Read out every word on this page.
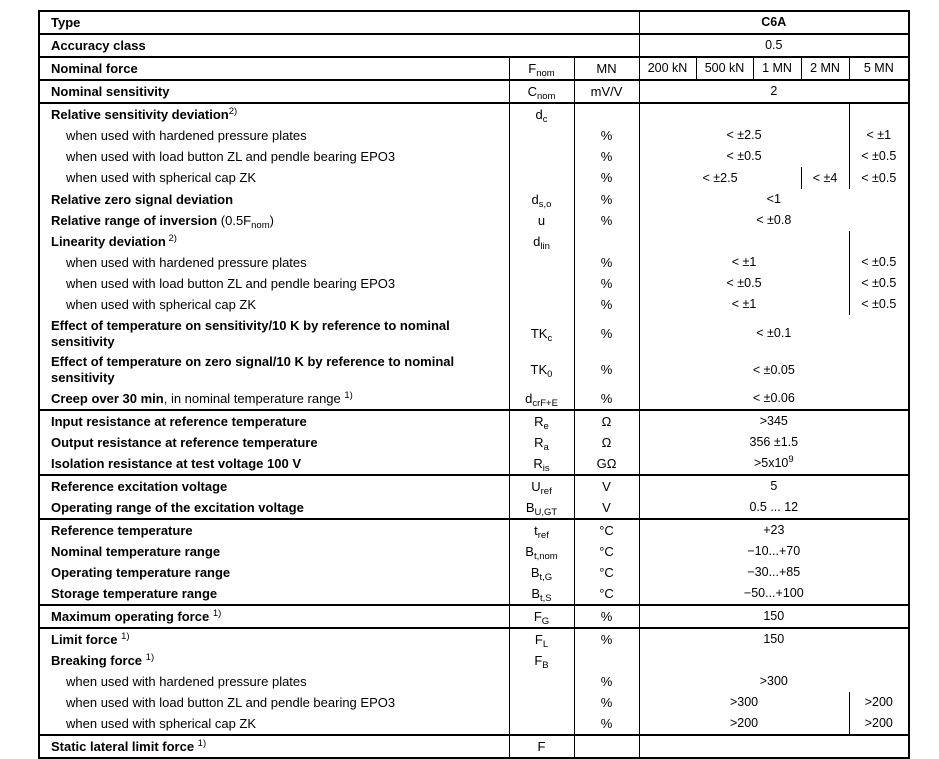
Type			C6A				
Accuracy class			0.5				
Nominal force	$F_{nom}$	MN	200 kN	500 kN	1 MN	2 MN	5 MN
Nominal sensitivity	$C_{nom}$	mV/V	2				
Relative sensitivity deviation$^{2)}$	$d_c$			
when used with hardened pressure plates		%	< ±2.5				< ±1
when used with load button ZL and pendle bearing EPO3		%	< ±0.5				< ±0.5
when used with spherical cap ZK		%	< ±2.5			< ±4	< ±0.5
Relative zero signal deviation	$d_{s,o}$	%	<1				
Relative range of inversion $(0.5F_{nom})$	u	%	< ±0.8				
Linearity deviation $^{2)}$	$d_{lin}$			
when used with hardened pressure plates		%	< ±1				< ±0.5
when used with load button ZL and pendle bearing EPO3		%	< ±0.5				< ±0.5
when used with spherical cap ZK		%	< ±1				< ±0.5
Effect of temperature on sensitivity/10 K by reference to nominal
sensitivity	$TK_c$	%	< ±0.1				
Effect of temperature on zero signal/10 K by reference to nominal
sensitivity	$TK_0$	%	< ±0.05				
Creep over 30 min, in nominal temperature range $^{1)}$	$d_{crF+E}$	%	< ±0.06				
Input resistance at reference temperature	$R_e$	Ω	>345				
Output resistance at reference temperature	$R_a$	Ω	356 ±1.5				
Isolation resistance at test voltage 100 V	$R_{is}$	GΩ	$>5x10^9$
Reference excitation voltage	$U_{ref}$	V	5				
Operating range of the excitation voltage	$B_{U,GT}$	V	0.5 ... 12				
Reference temperature	$t_{ref}$	°C	+23				
Nominal temperature range	$B_{t,nom}$	°C	−10...+70				
Operating temperature range	$B_{t,G}$	°C	−30...+85				
Storage temperature range	$B_{t,S}$	°C	−50...+100				
Maximum operating force $^{1)}$	$F_G$	%	150				
Limit force $^{1)}$	$F_L$	%	150				
Breaking force $^{1)}$	$F_B$		
when used with hardened pressure plates		%	>300				
when used with load button ZL and pendle bearing EPO3		%	>300				>200
when used with spherical cap ZK		%	>200				>200
Static lateral limit force $^{1)}$	F						
